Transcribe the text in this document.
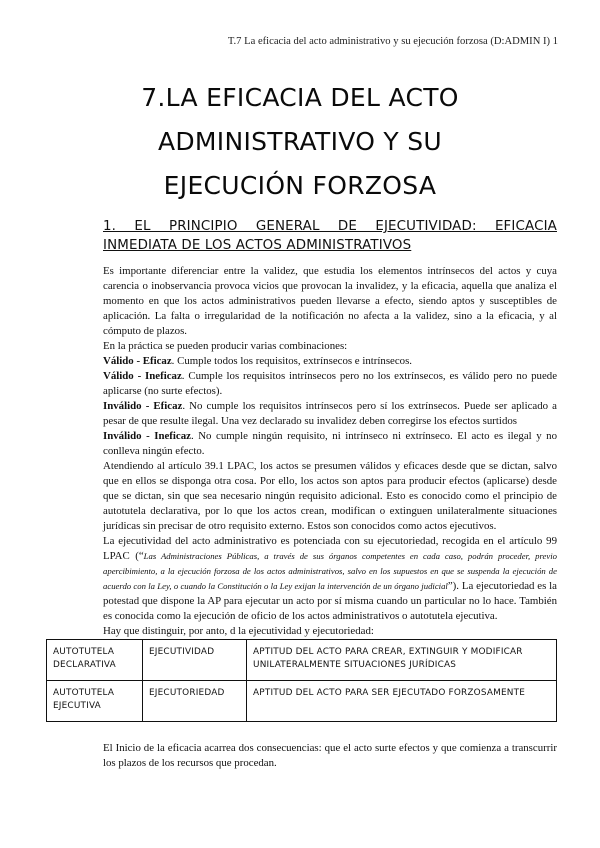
T.7 La eficacia del acto administrativo y su ejecución forzosa (D:ADMIN I) 1
7.LA EFICACIA DEL ACTO
ADMINISTRATIVO Y SU
EJECUCIÓN FORZOSA
1. EL PRINCIPIO GENERAL DE EJECUTIVIDAD: EFICACIA
INMEDIATA DE LOS ACTOS ADMINISTRATIVOS

Es importante diferenciar entre la validez, que estudia los elementos intrínsecos del actos y cuya carencia o inobservancia provoca vicios que provocan la invalidez, y la eficacia, aquella que analiza el momento en que los actos administrativos pueden llevarse a efecto, siendo aptos y susceptibles de aplicación. La falta o irregularidad de la notificación no afecta a la validez, sino a la eficacia, y al cómputo de plazos.

En la práctica se pueden producir varias combinaciones:

Válido - Eficaz. Cumple todos los requisitos, extrínsecos e intrínsecos.

Válido - Ineficaz. Cumple los requisitos intrínsecos pero no los extrínsecos, es válido pero no puede aplicarse (no surte efectos).

Inválido - Eficaz. No cumple los requisitos intrínsecos pero sí los extrínsecos. Puede ser aplicado a pesar de que resulte ilegal. Una vez declarado su invalidez deben corregirse los efectos surtidos

Inválido - Ineficaz. No cumple ningún requisito, ni intrínseco ni extrínseco. El acto es ilegal y no conlleva ningún efecto.

Atendiendo al artículo 39.1 LPAC, los actos se presumen válidos y eficaces desde que se dictan, salvo que en ellos se disponga otra cosa. Por ello, los actos son aptos para producir efectos (aplicarse) desde que se dictan, sin que sea necesario ningún requisito adicional. Esto es conocido como el principio de autotutela declarativa, por lo que los actos crean, modifican o extinguen unilateralmente situaciones jurídicas sin precisar de otro requisito externo. Estos son conocidos como actos ejecutivos.

La ejecutividad del acto administrativo es potenciada con su ejecutoriedad, recogida en el artículo 99 LPAC (“Las Administraciones Públicas, a través de sus órganos competentes en cada caso, podrán proceder, previo apercibimiento, a la ejecución forzosa de los actos administrativos, salvo en los supuestos en que se suspenda la ejecución de acuerdo con la Ley, o cuando la Constitución o la Ley exijan la intervención de un órgano judicial”). La ejecutoriedad es la potestad que dispone la AP para ejecutar un acto por sí misma cuando un particular no lo hace. También es conocida como la ejecución de oficio de los actos administrativos o autotutela ejecutiva.

Hay que distinguir, por anto, d la ejecutividad y ejecutoriedad:

AUTOTUTELA DECLARATIVA	EJECUTIVIDAD	APTITUD DEL ACTO PARA CREAR, EXTINGUIR Y MODIFICAR UNILATERALMENTE SITUACIONES JURÍDICAS
AUTOTUTELA EJECUTIVA	EJECUTORIEDAD	APTITUD DEL ACTO PARA SER EJECUTADO FORZOSAMENTE

El Inicio de la eficacia acarrea dos consecuencias: que el acto surte efectos y que comienza a transcurrir los plazos de los recursos que procedan.
